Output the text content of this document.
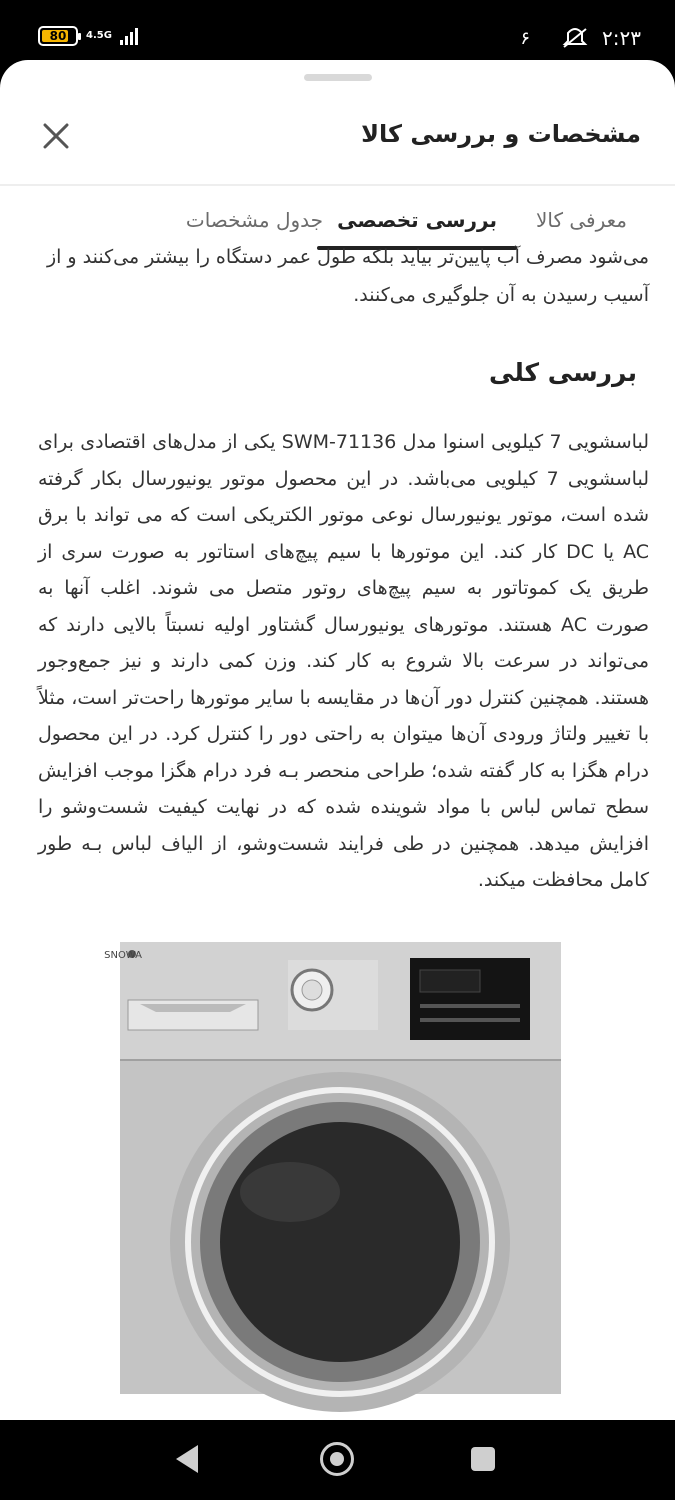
80	4.5G	۶	۲:۲۳
مشخصات و بررسی کالا
معرفی کالا
بررسی تخصصی
جدول مشخصات
می‌شود مصرف آب پایین‌تر بیاید بلکه طول عمر دستگاه را بیشتر می‌کنند و از آسیب رسیدن به آن جلوگیری می‌کنند.
بررسی کلی
لباسشویی 7 کیلویی اسنوا مدل SWM-71136 یکی از مدل‌های اقتصادی برای لباسشویی 7 کیلویی می‌باشد. در این محصول موتور یونیورسال بکار گرفته شده است، موتور یونیورسال نوعی موتور الکتریکی است که می تواند با برق AC یا DC کار کند. این موتورها با سیم پیچ‌های استاتور به صورت سری از طریق یک کموتاتور به سیم پیچ‌های روتور متصل می شوند. اغلب آنها به صورت AC هستند. موتورهای یونیورسال گشتاور اولیه نسبتاً بالایی دارند که می‌تواند در سرعت بالا شروع به کار کند. وزن کمی دارند و نیز جمع‌وجور هستند. همچنین کنترل دور آن‌ها در مقایسه با سایر موتورها راحت‌تر است، مثلاً با تغییر ولتاژ ورودی آن‌ها میتوان به راحتی دور را کنترل کرد. در این محصول درام هگزا به کار گفته شده؛ طراحی منحصر بـه فرد درام هگزا موجب افزایش سطح تماس لباس با مواد شوینده شده که در نهایت کیفیت شست‌وشو را افزایش میدهد. همچنین در طی فرایند شست‌وشو، از الیاف لباس بـه طور کامل محافظت میکند.
SNOWA
